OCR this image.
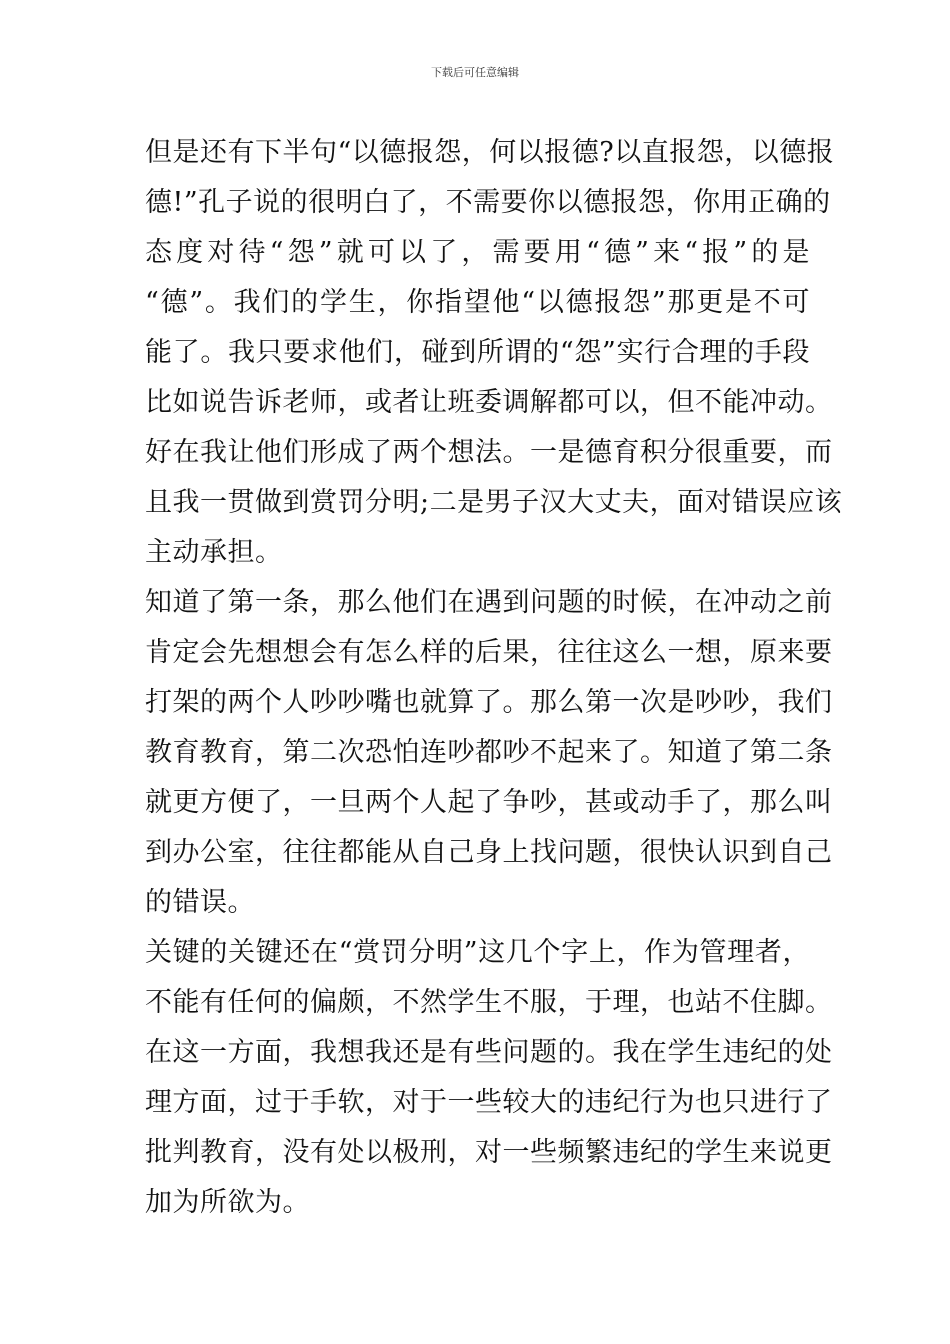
下载后可任意编辑
但是还有下半句“以德报怨，何以报德?以直报怨，以德报
德!”孔子说的很明白了，不需要你以德报怨，你用正确的
态度对待“怨”就可以了，需要用“德”来“报”的是
“德”。我们的学生，你指望他“以德报怨”那更是不可
能了。我只要求他们，碰到所谓的“怨”实行合理的手段
比如说告诉老师，或者让班委调解都可以，但不能冲动。
好在我让他们形成了两个想法。一是德育积分很重要，而
且我一贯做到赏罚分明;二是男子汉大丈夫，面对错误应该
主动承担。
知道了第一条，那么他们在遇到问题的时候，在冲动之前
肯定会先想想会有怎么样的后果，往往这么一想，原来要
打架的两个人吵吵嘴也就算了。那么第一次是吵吵，我们
教育教育，第二次恐怕连吵都吵不起来了。知道了第二条
就更方便了，一旦两个人起了争吵，甚或动手了，那么叫
到办公室，往往都能从自己身上找问题，很快认识到自己
的错误。
关键的关键还在“赏罚分明”这几个字上，作为管理者，
不能有任何的偏颇，不然学生不服，于理，也站不住脚。
在这一方面，我想我还是有些问题的。我在学生违纪的处
理方面，过于手软，对于一些较大的违纪行为也只进行了
批判教育，没有处以极刑，对一些频繁违纪的学生来说更
加为所欲为。
